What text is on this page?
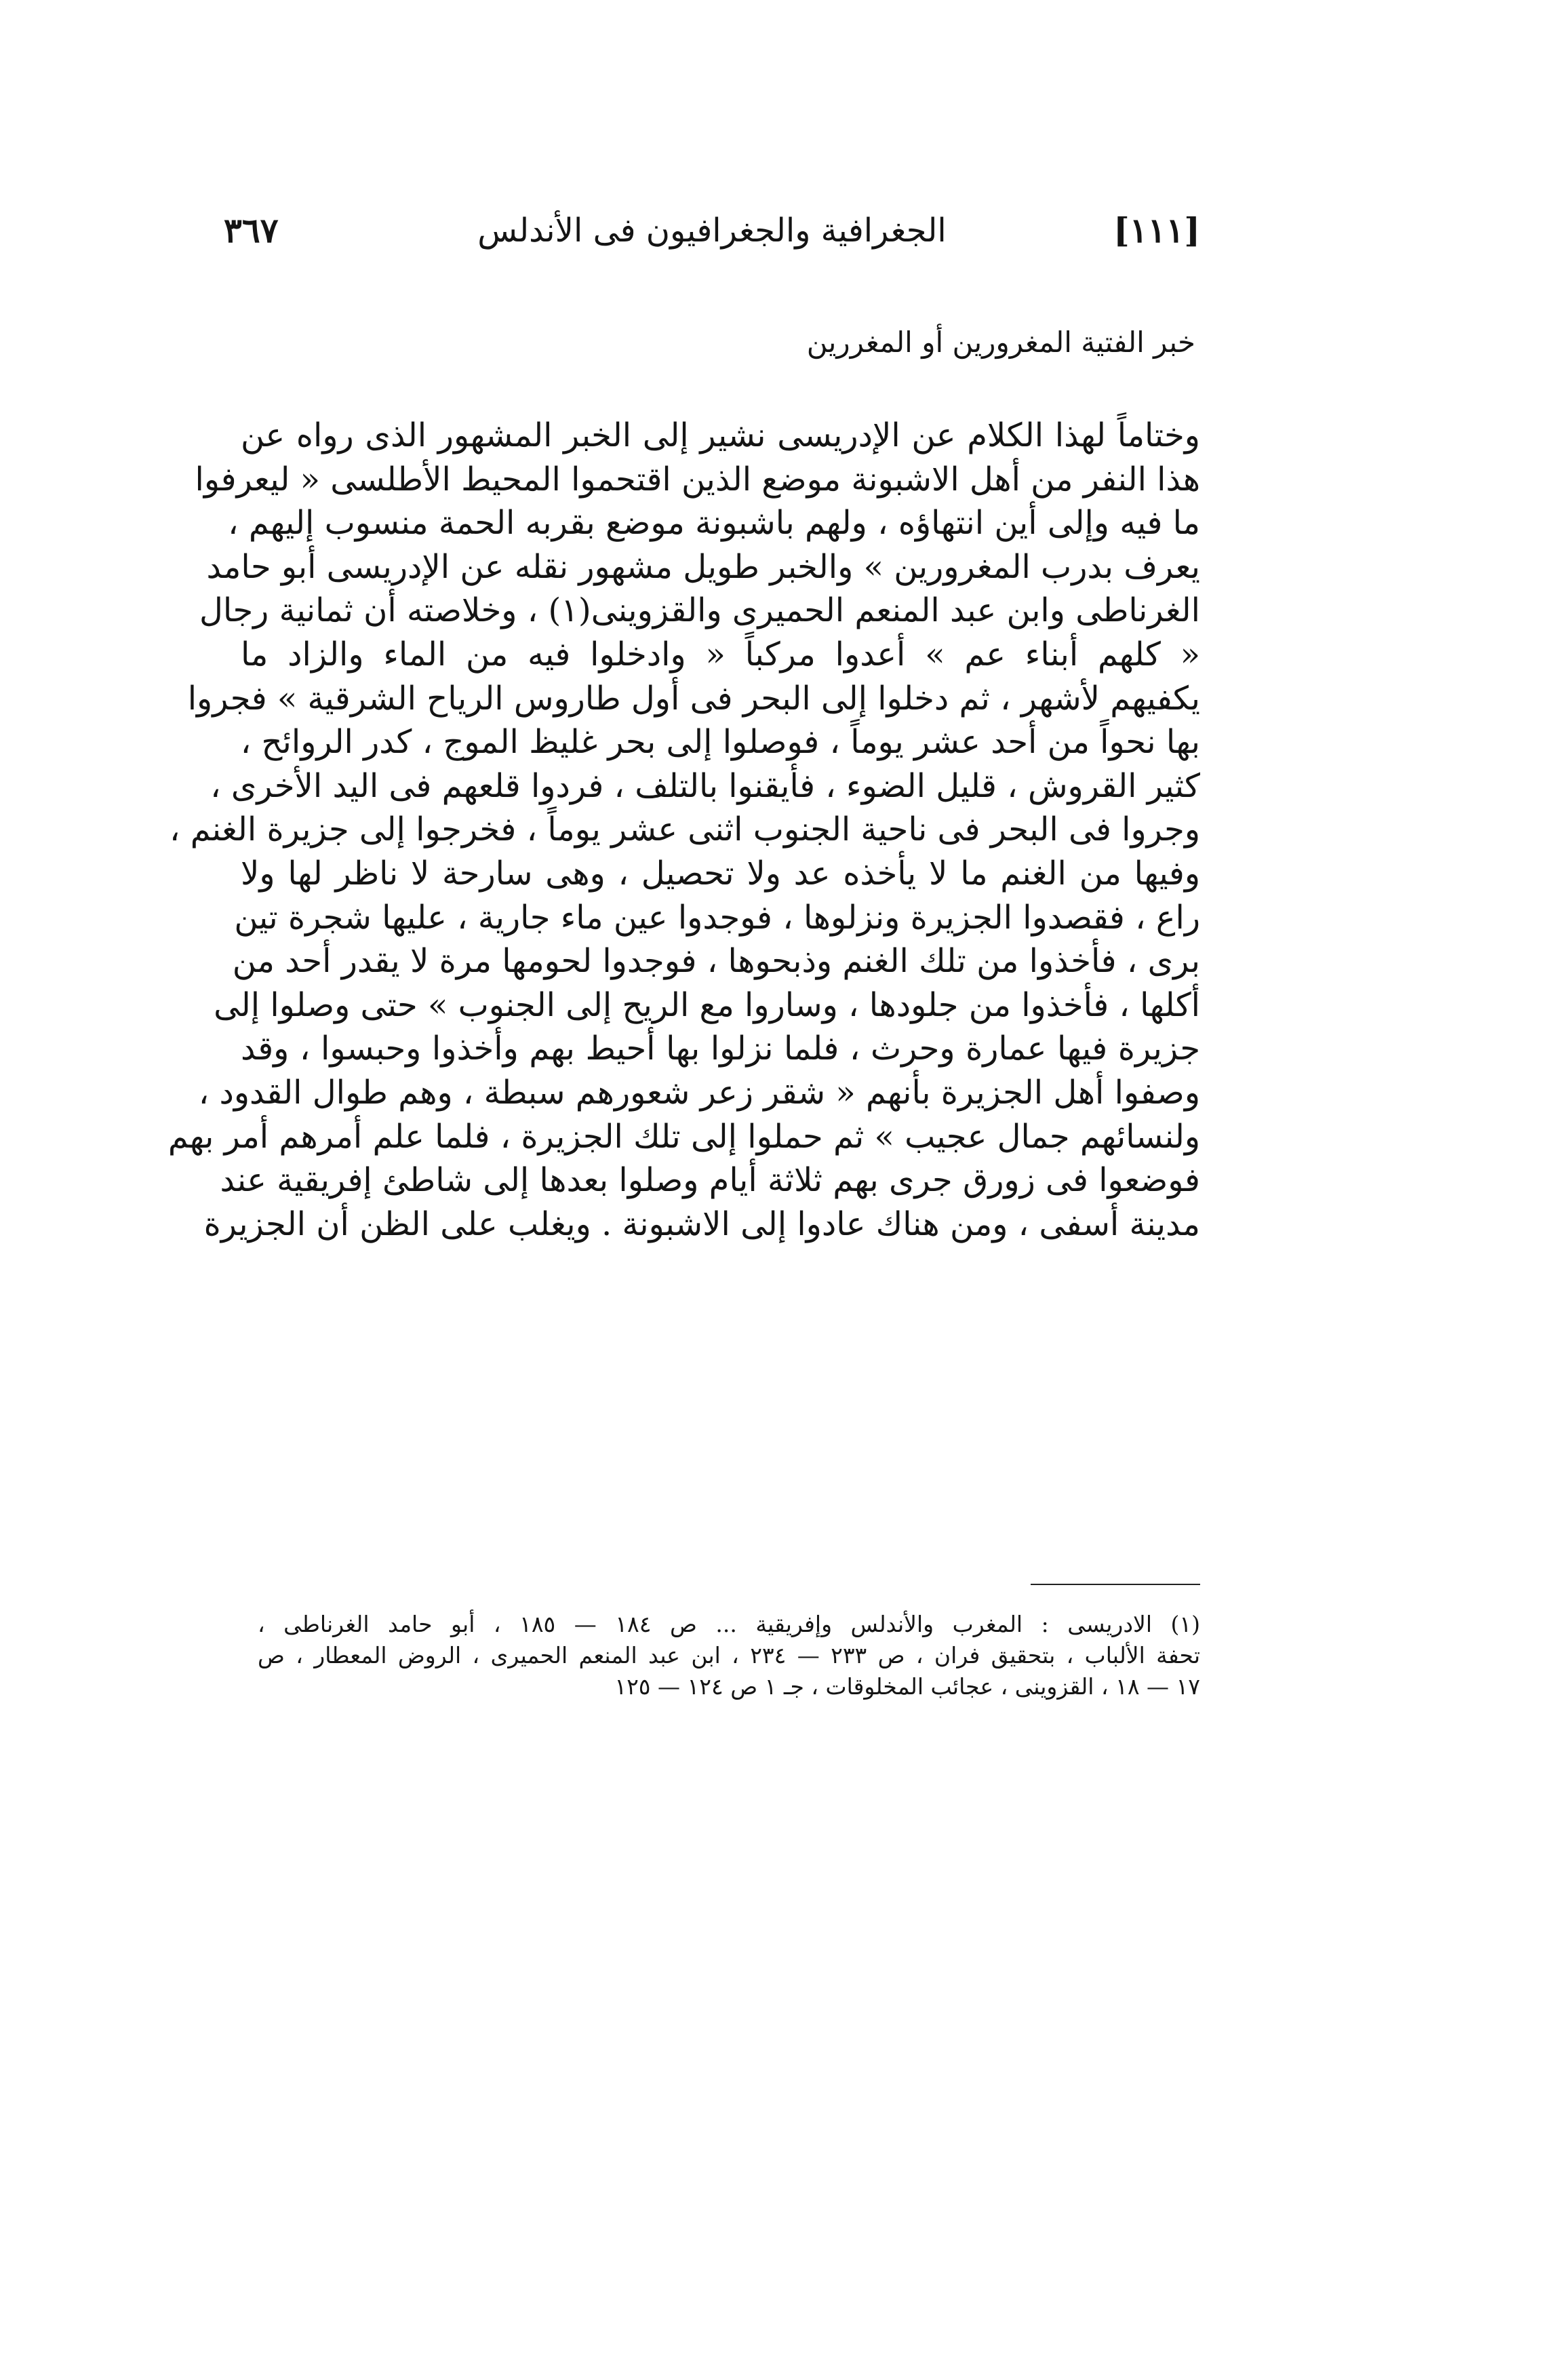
[١١١]
الجغرافية والجغرافيون فى الأندلس
٣٦٧
خبر الفتية المغرورين أو المغررين
وختاماً لهذا الكلام عن الإدريسى نشير إلى الخبر المشهور الذى رواه عن
هذا النفر من أهل الاشبونة موضع الذين اقتحموا المحيط الأطلسى « ليعرفوا
ما فيه وإلى أين انتهاؤه ، ولهم باشبونة موضع بقربه الحمة منسوب إليهم ،
يعرف بدرب المغرورين » والخبر طويل مشهور نقله عن الإدريسى أبو حامد
الغرناطى وابن عبد المنعم الحميرى والقزوينى(١) ، وخلاصته أن ثمانية رجال
« كلهم أبناء عم » أعدوا مركباً « وادخلوا فيه من الماء والزاد ما
يكفيهم لأشهر ، ثم دخلوا إلى البحر فى أول طاروس الرياح الشرقية » فجروا
بها نحواً من أحد عشر يوماً ، فوصلوا إلى بحر غليظ الموج ، كدر الروائح ،
كثير القروش ، قليل الضوء ، فأيقنوا بالتلف ، فردوا قلعهم فى اليد الأخرى ،
وجروا فى البحر فى ناحية الجنوب اثنى عشر يوماً ، فخرجوا إلى جزيرة الغنم ،
وفيها من الغنم ما لا يأخذه عد ولا تحصيل ، وهى سارحة لا ناظر لها ولا
راع ، فقصدوا الجزيرة ونزلوها ، فوجدوا عين ماء جارية ، عليها شجرة تين
برى ، فأخذوا من تلك الغنم وذبحوها ، فوجدوا لحومها مرة لا يقدر أحد من
أكلها ، فأخذوا من جلودها ، وساروا مع الريح إلى الجنوب » حتى وصلوا إلى
جزيرة فيها عمارة وحرث ، فلما نزلوا بها أحيط بهم وأخذوا وحبسوا ، وقد
وصفوا أهل الجزيرة بأنهم « شقر زعر شعورهم سبطة ، وهم طوال القدود ،
ولنسائهم جمال عجيب » ثم حملوا إلى تلك الجزيرة ، فلما علم أمرهم أمر بهم
فوضعوا فى زورق جرى بهم ثلاثة أيام وصلوا بعدها إلى شاطئ إفريقية عند
مدينة أسفى ، ومن هناك عادوا إلى الاشبونة . ويغلب على الظن أن الجزيرة
(١) الادريسى : المغرب والأندلس وإفريقية ... ص ١٨٤ — ١٨٥ ، أبو حامد الغرناطى ،
تحفة الألباب ، بتحقيق فران ، ص ٢٣٣ — ٢٣٤ ، ابن عبد المنعم الحميرى ، الروض المعطار ، ص
١٧ — ١٨ ، القزوينى ، عجائب المخلوقات ، جـ ١ ص ١٢٤ — ١٢٥
